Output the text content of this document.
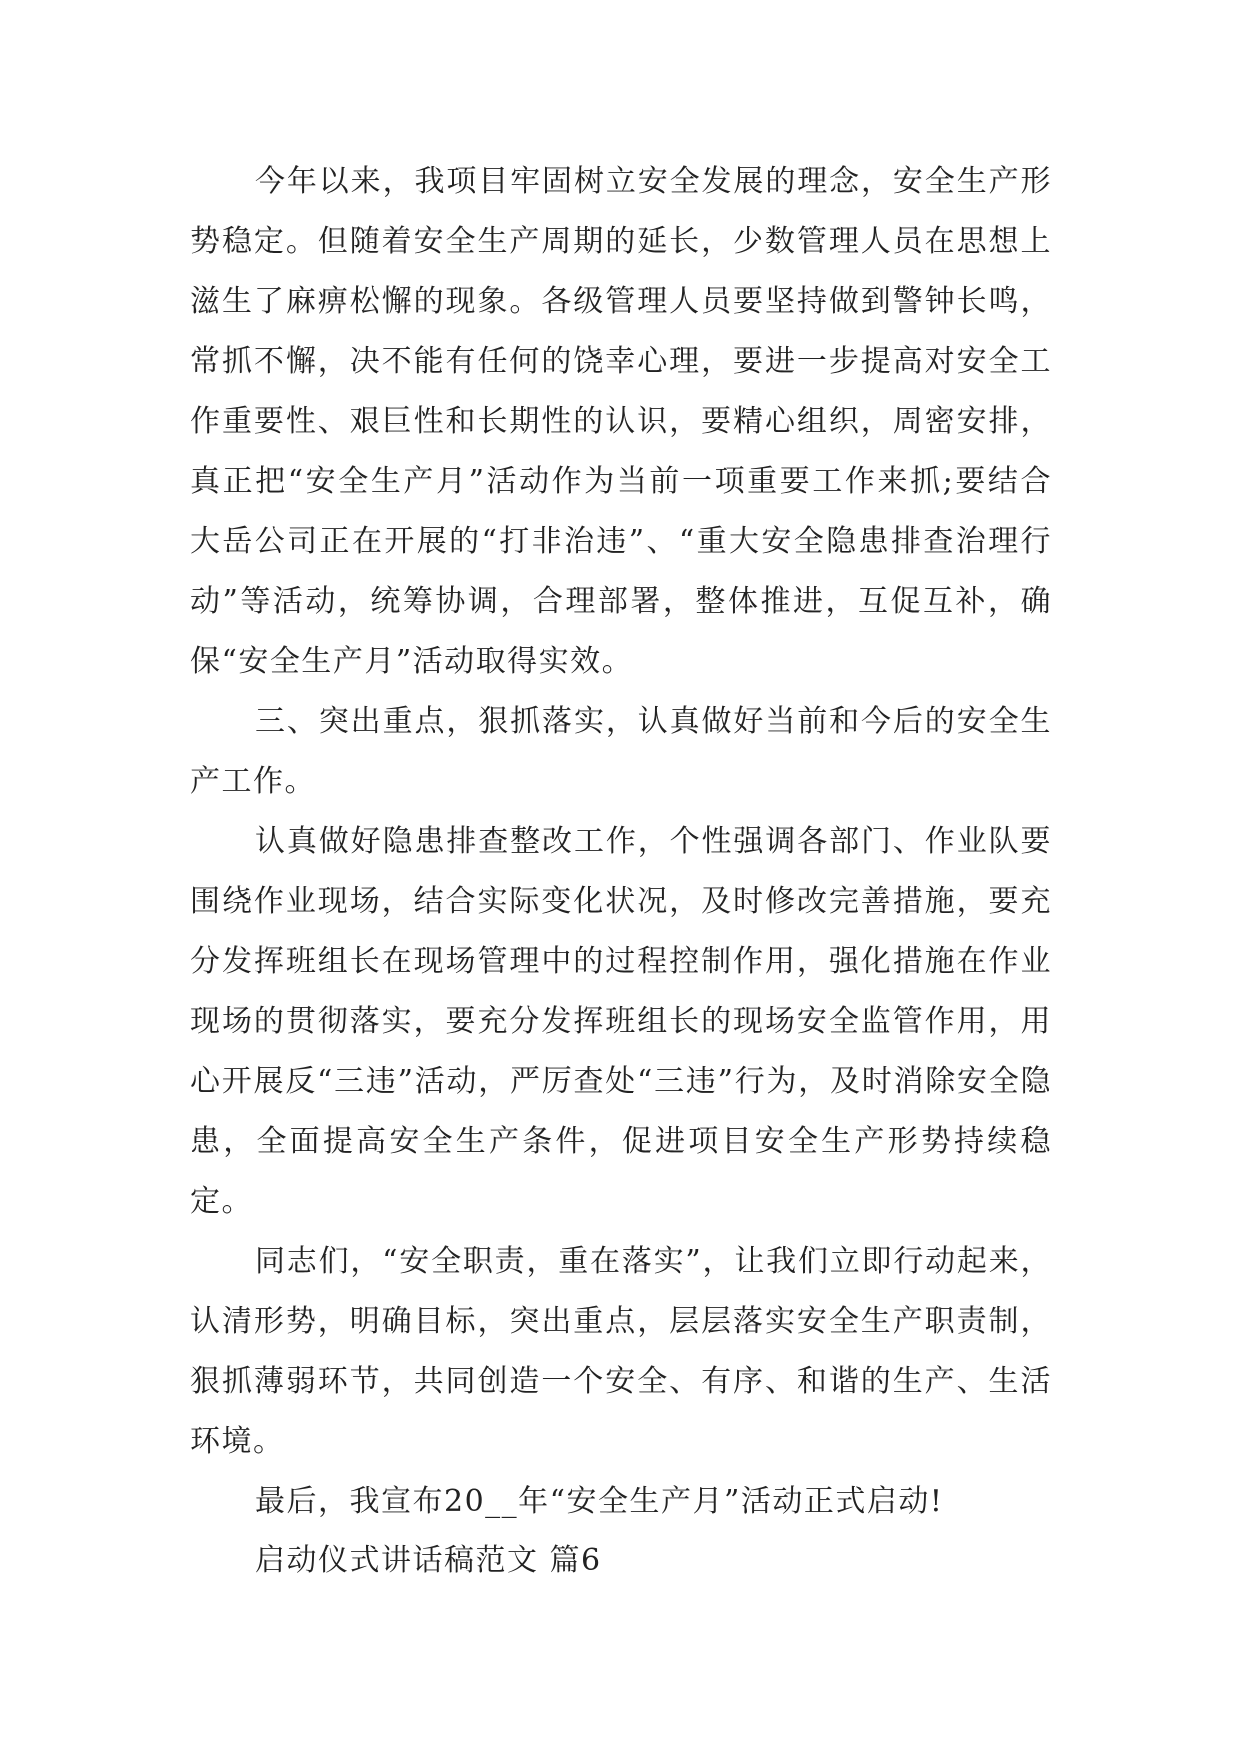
今年以来，我项目牢固树立安全发展的理念，安全生产形势稳定。但随着安全生产周期的延长，少数管理人员在思想上滋生了麻痹松懈的现象。各级管理人员要坚持做到警钟长鸣，常抓不懈，决不能有任何的饶幸心理，要进一步提高对安全工作重要性、艰巨性和长期性的认识，要精心组织，周密安排，真正把“安全生产月”活动作为当前一项重要工作来抓;要结合大岳公司正在开展的“打非治违”、“重大安全隐患排查治理行动”等活动，统筹协调，合理部署，整体推进，互促互补，确保“安全生产月”活动取得实效。

三、突出重点，狠抓落实，认真做好当前和今后的安全生产工作。

认真做好隐患排查整改工作，个性强调各部门、作业队要围绕作业现场，结合实际变化状况，及时修改完善措施，要充分发挥班组长在现场管理中的过程控制作用，强化措施在作业现场的贯彻落实，要充分发挥班组长的现场安全监管作用，用心开展反“三违”活动，严厉查处“三违”行为，及时消除安全隐患，全面提高安全生产条件，促进项目安全生产形势持续稳定。

同志们，“安全职责，重在落实”，让我们立即行动起来，认清形势，明确目标，突出重点，层层落实安全生产职责制，狠抓薄弱环节，共同创造一个安全、有序、和谐的生产、生活环境。

最后，我宣布20__年“安全生产月”活动正式启动!

启动仪式讲话稿范文 篇6
